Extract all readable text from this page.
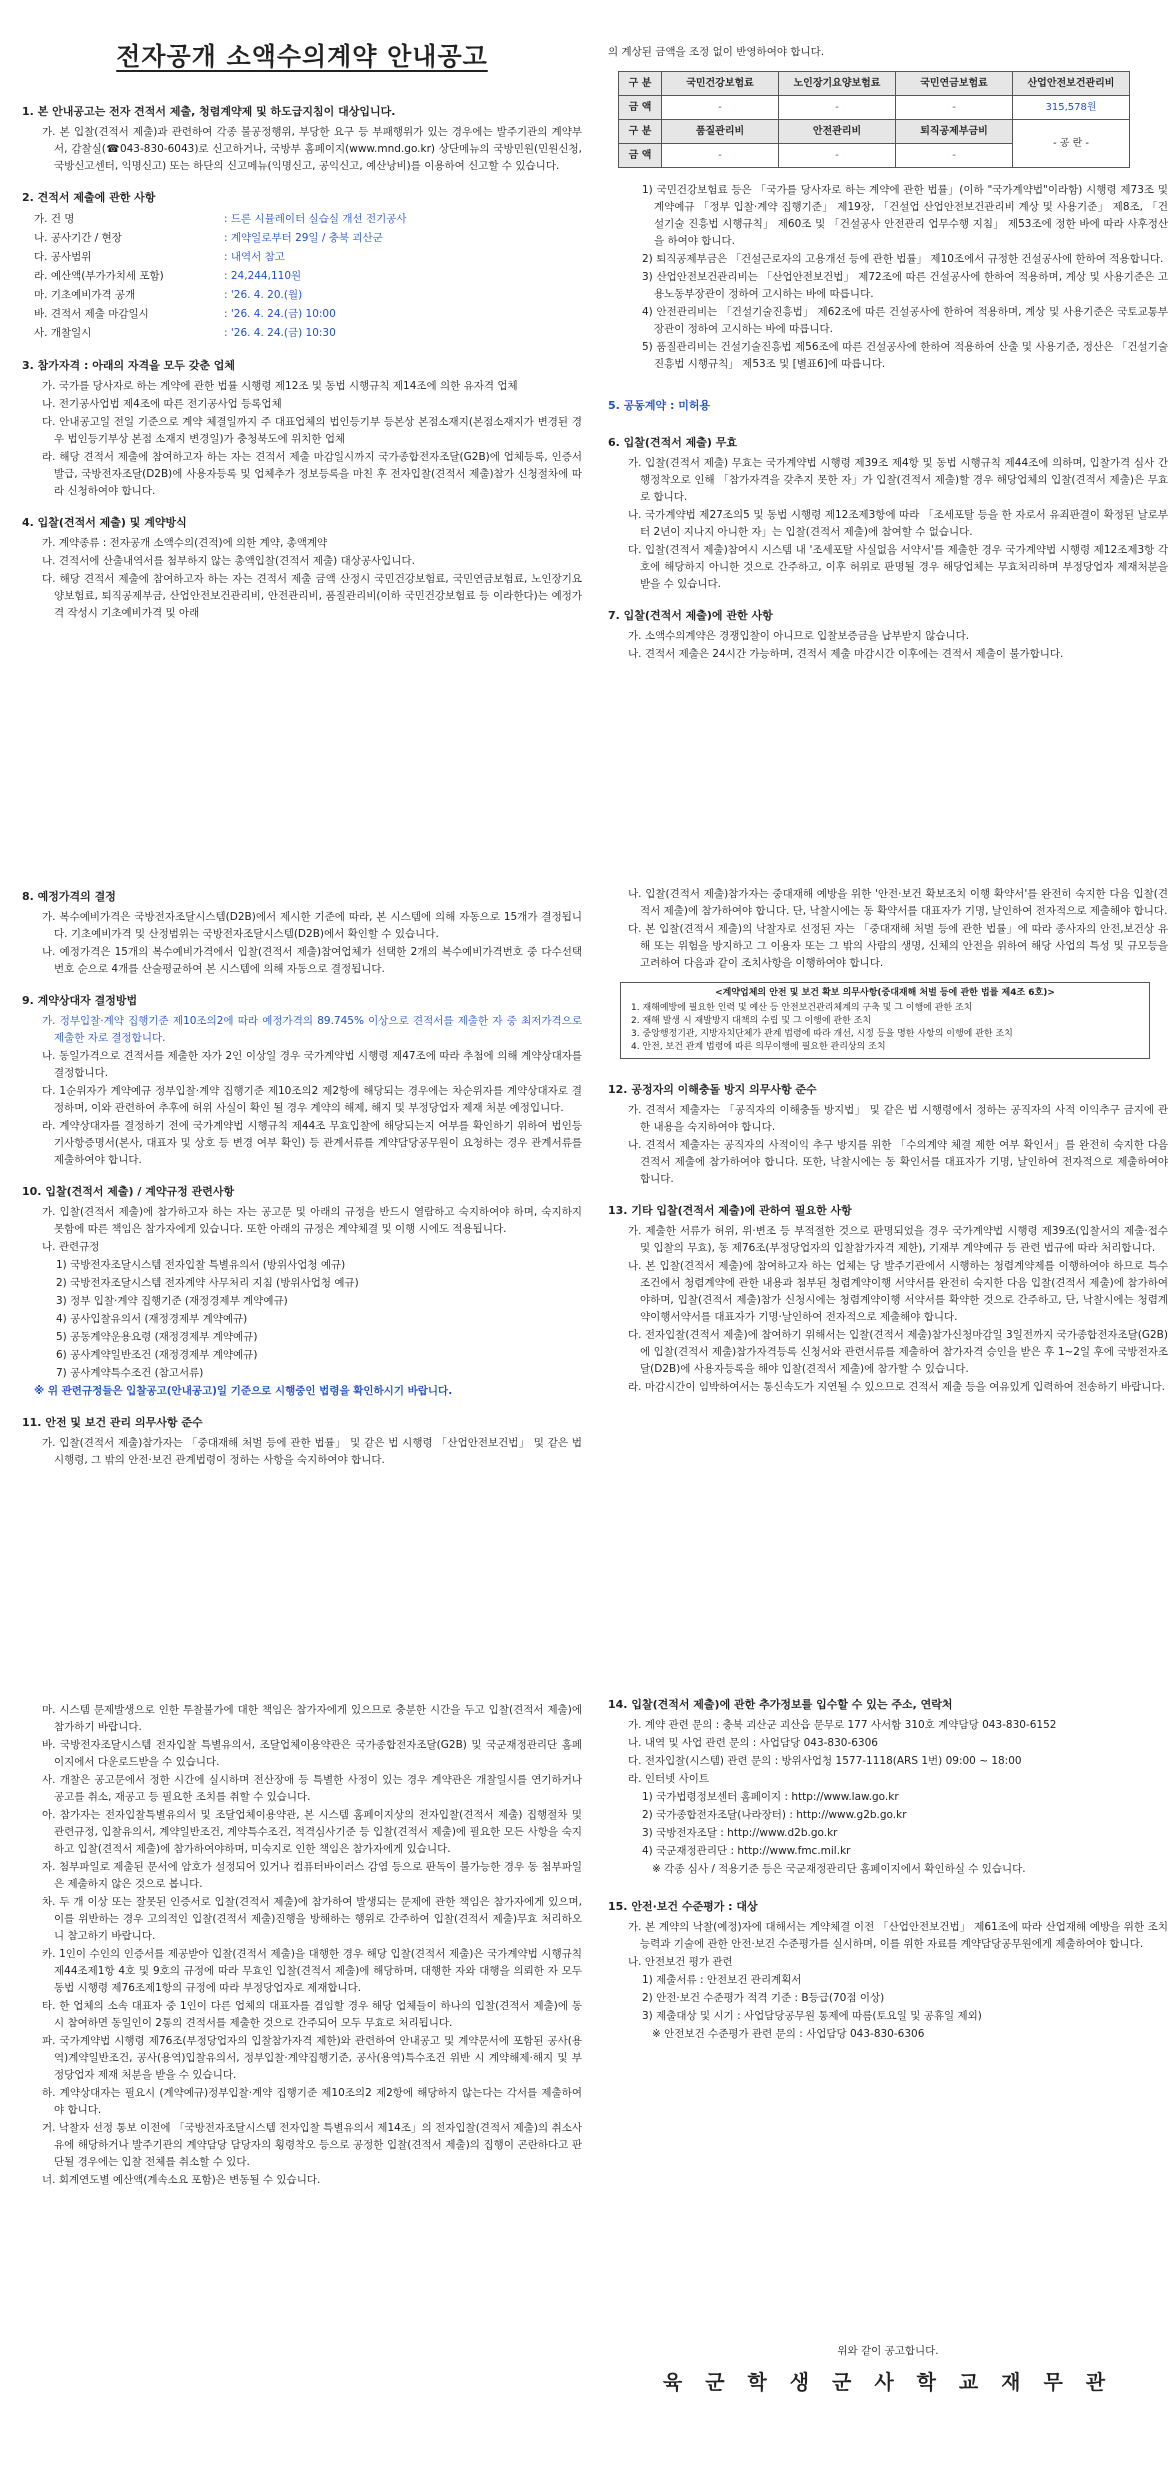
전자공개 소액수의계약 안내공고
1. 본 안내공고는 전자 견적서 제출, 청렴계약제 및 하도급지침이 대상입니다.
가. 본 입찰(견적서 제출)과 관련하여 각종 불공정행위, 부당한 요구 등 부패행위가 있는 경우에는 발주기관의 계약부서, 감찰실(☎043-830-6043)로 신고하거나, 국방부 홈페이지(www.mnd.go.kr) 상단메뉴의 국방민원(민원신청, 국방신고센터, 익명신고) 또는 하단의 신고메뉴(익명신고, 공익신고, 예산낭비)를 이용하여 신고할 수 있습니다.
2. 견적서 제출에 관한 사항
가. 건 명	: 드론 시뮬레이터 실습실 개선 전기공사
나. 공사기간 / 현장	: 계약일로부터 29일 / 충북 괴산군
다. 공사범위	: 내역서 참고
라. 예산액(부가가치세 포함)	: 24,244,110원
마. 기초예비가격 공개	: '26. 4. 20.(월)
바. 견적서 제출 마감일시	: '26. 4. 24.(금) 10:00
사. 개찰일시	: '26. 4. 24.(금) 10:30
3. 참가자격 : 아래의 자격을 모두 갖춘 업체
가. 국가를 당사자로 하는 계약에 관한 법률 시행령 제12조 및 동법 시행규칙 제14조에 의한 유자격 업체
나. 전기공사업법 제4조에 따른 전기공사업 등록업체
다. 안내공고일 전일 기준으로 계약 체결일까지 주 대표업체의 법인등기부 등본상 본점소재지(본점소재지가 변경된 경우 법인등기부상 본점 소재지 변경일)가 충청북도에 위치한 업체
라. 해당 견적서 제출에 참여하고자 하는 자는 견적서 제출 마감일시까지 국가종합전자조달(G2B)에 업체등록, 인증서 발급, 국방전자조달(D2B)에 사용자등록 및 업체추가 정보등록을 마친 후 전자입찰(견적서 제출)참가 신청절차에 따라 신청하여야 합니다.
4. 입찰(견적서 제출) 및 계약방식
가. 계약종류 : 전자공개 소액수의(견적)에 의한 계약, 총액계약
나. 견적서에 산출내역서를 첨부하지 않는 총액입찰(견적서 제출) 대상공사입니다.
다. 해당 견적서 제출에 참여하고자 하는 자는 견적서 제출 금액 산정시 국민건강보험료, 국민연금보험료, 노인장기요양보험료, 퇴직공제부금, 산업안전보건관리비, 안전관리비, 품질관리비(이하 국민건강보험료 등 이라한다)는 예정가격 작성시 기초예비가격 및 아래
의 계상된 금액을 조정 없이 반영하여야 합니다.
구 분	국민건강보험료	노인장기요양보험료	국민연금보험료	산업안전보건관리비
금 액	-	-	-	315,578원
구 분	품질관리비	안전관리비	퇴직공제부금비	- 공 란 -
금 액	-	-	-	
1) 국민건강보험료 등은 「국가를 당사자로 하는 계약에 관한 법률」(이하 "국가계약법"이라함) 시행령 제73조 및 계약예규 「정부 입찰·계약 집행기준」 제19장, 「건설업 산업안전보건관리비 계상 및 사용기준」 제8조, 「건설기술 진흥법 시행규칙」 제60조 및 「건설공사 안전관리 업무수행 지침」 제53조에 정한 바에 따라 사후정산을 하여야 합니다.
2) 퇴직공제부금은 「건설근로자의 고용개선 등에 관한 법률」 제10조에서 규정한 건설공사에 한하여 적용합니다.
3) 산업안전보건관리비는 「산업안전보건법」 제72조에 따른 건설공사에 한하여 적용하며, 계상 및 사용기준은 고용노동부장관이 정하여 고시하는 바에 따릅니다.
4) 안전관리비는 「건설기술진흥법」 제62조에 따른 건설공사에 한하여 적용하며, 계상 및 사용기준은 국토교통부장관이 정하여 고시하는 바에 따릅니다.
5) 품질관리비는 건설기술진흥법 제56조에 따른 건설공사에 한하여 적용하여 산출 및 사용기준, 정산은 「건설기술진흥법 시행규칙」 제53조 및 [별표6]에 따릅니다.
5. 공동계약 : 미허용
6. 입찰(견적서 제출) 무효
가. 입찰(견적서 제출) 무효는 국가계약법 시행령 제39조 제4항 및 동법 시행규칙 제44조에 의하며, 입찰가격 심사 간 행정착오로 인해 「참가자격을 갖추지 못한 자」가 입찰(견적서 제출)할 경우 해당업체의 입찰(견적서 제출)은 무효로 합니다.
나. 국가계약법 제27조의5 및 동법 시행령 제12조제3항에 따라 「조세포탈 등을 한 자로서 유죄판결이 확정된 날로부터 2년이 지나지 아니한 자」는 입찰(견적서 제출)에 참여할 수 없습니다.
다. 입찰(견적서 제출)참여시 시스템 내 '조세포탈 사실없음 서약서'를 제출한 경우 국가계약법 시행령 제12조제3항 각호에 해당하지 아니한 것으로 간주하고, 이후 허위로 판명될 경우 해당업체는 무효처리하며 부정당업자 제재처분을 받을 수 있습니다.
7. 입찰(견적서 제출)에 관한 사항
가. 소액수의계약은 경쟁입찰이 아니므로 입찰보증금을 납부받지 않습니다.
나. 견적서 제출은 24시간 가능하며, 견적서 제출 마감시간 이후에는 견적서 제출이 불가합니다.
8. 예정가격의 결정
가. 복수예비가격은 국방전자조달시스템(D2B)에서 제시한 기준에 따라, 본 시스템에 의해 자동으로 15개가 결정됩니다. 기초예비가격 및 산정범위는 국방전자조달시스템(D2B)에서 확인할 수 있습니다.
나. 예정가격은 15개의 복수예비가격에서 입찰(견적서 제출)참여업체가 선택한 2개의 복수예비가격번호 중 다수선택 번호 순으로 4개를 산술평균하여 본 시스템에 의해 자동으로 결정됩니다.
9. 계약상대자 결정방법
가. 정부입찰·계약 집행기준 제10조의2에 따라 예정가격의 89.745% 이상으로 견적서를 제출한 자 중 최저가격으로 제출한 자로 결정합니다.
나. 동일가격으로 견적서를 제출한 자가 2인 이상일 경우 국가계약법 시행령 제47조에 따라 추첨에 의해 계약상대자를 결정합니다.
다. 1순위자가 계약예규 정부입찰·계약 집행기준 제10조의2 제2항에 해당되는 경우에는 차순위자를 계약상대자로 결정하며, 이와 관련하여 추후에 허위 사실이 확인 될 경우 계약의 해제, 해지 및 부정당업자 제재 처분 예정입니다.
라. 계약상대자를 결정하기 전에 국가계약법 시행규칙 제44조 무효입찰에 해당되는지 여부를 확인하기 위하여 법인등기사항증명서(본사, 대표자 및 상호 등 변경 여부 확인) 등 관계서류를 계약담당공무원이 요청하는 경우 관계서류를 제출하여야 합니다.
10. 입찰(견적서 제출) / 계약규정 관련사항
가. 입찰(견적서 제출)에 참가하고자 하는 자는 공고문 및 아래의 규정을 반드시 열람하고 숙지하여야 하며, 숙지하지 못함에 따른 책임은 참가자에게 있습니다. 또한 아래의 규정은 계약체결 및 이행 시에도 적용됩니다.
나. 관련규정
1) 국방전자조달시스템 전자입찰 특별유의서 (방위사업청 예규)
2) 국방전자조달시스템 전자계약 사무처리 지침 (방위사업청 예규)
3) 정부 입찰·계약 집행기준 (재정경제부 계약예규)
4) 공사입찰유의서 (재정경제부 계약예규)
5) 공동계약운용요령 (재정경제부 계약예규)
6) 공사계약일반조건 (재정경제부 계약예규)
7) 공사계약특수조건 (참고서류)
※ 위 관련규정들은 입찰공고(안내공고)일 기준으로 시행중인 법령을 확인하시기 바랍니다.
11. 안전 및 보건 관리 의무사항 준수
가. 입찰(견적서 제출)참가자는 「중대재해 처벌 등에 관한 법률」 및 같은 법 시행령 「산업안전보건법」 및 같은 법 시행령, 그 밖의 안전·보건 관계법령이 정하는 사항을 숙지하여야 합니다.
나. 입찰(견적서 제출)참가자는 중대재해 예방을 위한 '안전·보건 확보조치 이행 확약서'를 완전히 숙지한 다음 입찰(견적서 제출)에 참가하여야 합니다. 단, 낙찰시에는 동 확약서를 대표자가 기명, 날인하여 전자적으로 제출해야 합니다.
다. 본 입찰(견적서 제출)의 낙찰자로 선정된 자는 「중대재해 처벌 등에 관한 법률」에 따라 종사자의 안전,보건상 유해 또는 위험을 방지하고 그 이용자 또는 그 밖의 사람의 생명, 신체의 안전을 위하여 해당 사업의 특성 및 규모등을 고려하여 다음과 같이 조치사항을 이행하여야 합니다.
<계약업체의 안전 및 보건 확보 의무사항(중대재해 처벌 등에 관한 법률 제4조 6호)>
1. 재해예방에 필요한 인력 및 예산 등 안전보건관리체계의 구축 및 그 이행에 관한 조치
2. 재해 발생 시 재발방지 대책의 수립 및 그 이행에 관한 조치
3. 중앙행정기관, 지방자치단체가 관계 법령에 따라 개선, 시정 등을 명한 사항의 이행에 관한 조치
4. 안전, 보건 관계 법령에 따른 의무이행에 필요한 관리상의 조치
12. 공정자의 이해충돌 방지 의무사항 준수
가. 견적서 제출자는 「공직자의 이해충돌 방지법」 및 같은 법 시행령에서 정하는 공직자의 사적 이익추구 금지에 관한 내용을 숙지하여야 합니다.
나. 견적서 제출자는 공직자의 사적이익 추구 방지를 위한 「수의계약 체결 제한 여부 확인서」를 완전히 숙지한 다음 견적서 제출에 참가하여야 합니다. 또한, 낙찰시에는 동 확인서를 대표자가 기명, 날인하여 전자적으로 제출하여야 합니다.
13. 기타 입찰(견적서 제출)에 관하여 필요한 사항
가. 제출한 서류가 허위, 위·변조 등 부적절한 것으로 판명되었을 경우 국가계약법 시행령 제39조(입찰서의 제출·접수 및 입찰의 무효), 동 제76조(부정당업자의 입찰참가자격 제한), 기재부 계약예규 등 관련 법규에 따라 처리합니다.
나. 본 입찰(견적서 제출)에 참여하고자 하는 업체는 당 발주기관에서 시행하는 청렴계약제를 이행하여야 하므로 특수조건에서 청렴계약에 관한 내용과 첨부된 청렴계약이행 서약서를 완전히 숙지한 다음 입찰(견적서 제출)에 참가하여야하며, 입찰(견적서 제출)참가 신청시에는 청렴계약이행 서약서를 확약한 것으로 간주하고, 단, 낙찰시에는 청렴계약이행서약서를 대표자가 기명·날인하여 전자적으로 제출해야 합니다.
다. 전자입찰(견적서 제출)에 참여하기 위해서는 입찰(견적서 제출)참가신청마감일 3일전까지 국가종합전자조달(G2B)에 입찰(견적서 제출)참가자격등록 신청서와 관련서류를 제출하여 참가자격 승인을 받은 후 1~2일 후에 국방전자조달(D2B)에 사용자등록을 해야 입찰(견적서 제출)에 참가할 수 있습니다.
라. 마감시간이 임박하여서는 통신속도가 지연될 수 있으므로 견적서 제출 등을 여유있게 입력하여 전송하기 바랍니다.
마. 시스템 문제발생으로 인한 투찰불가에 대한 책임은 참가자에게 있으므로 충분한 시간을 두고 입찰(견적서 제출)에 참가하기 바랍니다.
바. 국방전자조달시스템 전자입찰 특별유의서, 조달업체이용약관은 국가종합전자조달(G2B) 및 국군재정관리단 홈페이지에서 다운로드받을 수 있습니다.
사. 개찰은 공고문에서 정한 시간에 실시하며 전산장애 등 특별한 사정이 있는 경우 계약관은 개찰일시를 연기하거나 공고를 취소, 재공고 등 필요한 조치를 취할 수 있습니다.
아. 참가자는 전자입찰특별유의서 및 조달업체이용약관, 본 시스템 홈페이지상의 전자입찰(견적서 제출) 집행절차 및 관련규정, 입찰유의서, 계약일반조건, 계약특수조건, 적격심사기준 등 입찰(견적서 제출)에 필요한 모든 사항을 숙지하고 입찰(견적서 제출)에 참가하여야하며, 미숙지로 인한 책임은 참가자에게 있습니다.
자. 첨부파일로 제출된 문서에 암호가 설정되어 있거나 컴퓨터바이러스 감염 등으로 판독이 불가능한 경우 동 첨부파일은 제출하지 않은 것으로 봅니다.
차. 두 개 이상 또는 잘못된 인증서로 입찰(견적서 제출)에 참가하여 발생되는 문제에 관한 책임은 참가자에게 있으며, 이를 위반하는 경우 고의적인 입찰(견적서 제출)진행을 방해하는 행위로 간주하여 입찰(견적서 제출)무효 처리하오니 참고하기 바랍니다.
카. 1인이 수인의 인증서를 제공받아 입찰(견적서 제출)을 대행한 경우 해당 입찰(견적서 제출)은 국가계약법 시행규칙 제44조제1항 4호 및 9호의 규정에 따라 무효인 입찰(견적서 제출)에 해당하며, 대행한 자와 대행을 의뢰한 자 모두 동법 시행령 제76조제1항의 규정에 따라 부정당업자로 제재합니다.
타. 한 업체의 소속 대표자 중 1인이 다른 업체의 대표자를 겸임할 경우 해당 업체들이 하나의 입찰(견적서 제출)에 동시 참여하면 동일인이 2통의 견적서를 제출한 것으로 간주되어 모두 무효로 처리됩니다.
파. 국가계약법 시행령 제76조(부정당업자의 입찰참가자격 제한)와 관련하여 안내공고 및 계약문서에 포함된 공사(용역)계약일반조건, 공사(용역)입찰유의서, 정부입찰·계약집행기준, 공사(용역)특수조건 위반 시 계약해제·해지 및 부정당업자 제재 처분을 받을 수 있습니다.
하. 계약상대자는 필요시 (계약예규)정부입찰·계약 집행기준 제10조의2 제2항에 해당하지 않는다는 각서를 제출하여야 합니다.
거. 낙찰자 선정 통보 이전에 「국방전자조달시스템 전자입찰 특별유의서 제14조」의 전자입찰(견적서 제출)의 취소사유에 해당하거나 발주기관의 계약담당 담당자의 횡령착오 등으로 공정한 입찰(견적서 제출)의 집행이 곤란하다고 판단될 경우에는 입찰 전체를 취소할 수 있다.
너. 회계연도별 예산액(계속소요 포함)은 변동될 수 있습니다.
14. 입찰(견적서 제출)에 관한 추가정보를 입수할 수 있는 주소, 연락처
가. 계약 관련 문의 : 충북 괴산군 괴산읍 문무로 177 사서함 310호 계약담당 043-830-6152
나. 내역 및 사업 관련 문의 : 사업담당 043-830-6306
다. 전자입찰(시스템) 관련 문의 : 방위사업청 1577-1118(ARS 1번) 09:00 ~ 18:00
라. 인터넷 사이트
1) 국가법령정보센터 홈페이지 : http://www.law.go.kr
2) 국가종합전자조달(나라장터) : http://www.g2b.go.kr
3) 국방전자조달 : http://www.d2b.go.kr
4) 국군재정관리단 : http://www.fmc.mil.kr
※ 각종 심사 / 적용기준 등은 국군재정관리단 홈페이지에서 확인하실 수 있습니다.
15. 안전·보건 수준평가 : 대상
가. 본 계약의 낙찰(예정)자에 대해서는 계약체결 이전 「산업안전보건법」 제61조에 따라 산업재해 예방을 위한 조치능력과 기술에 관한 안전·보건 수준평가를 실시하며, 이를 위한 자료를 계약담당공무원에게 제출하여야 합니다.
나. 안전보건 평가 관련
1) 제출서류 : 안전보건 관리계획서
2) 안전·보건 수준평가 적격 기준 : B등급(70점 이상)
3) 제출대상 및 시기 : 사업담당공무원 통제에 따름(토요일 및 공휴일 제외)
※ 안전보건 수준평가 관련 문의 : 사업담당 043-830-6306
위와 같이 공고합니다.
육 군 학 생 군 사 학 교 재 무 관
